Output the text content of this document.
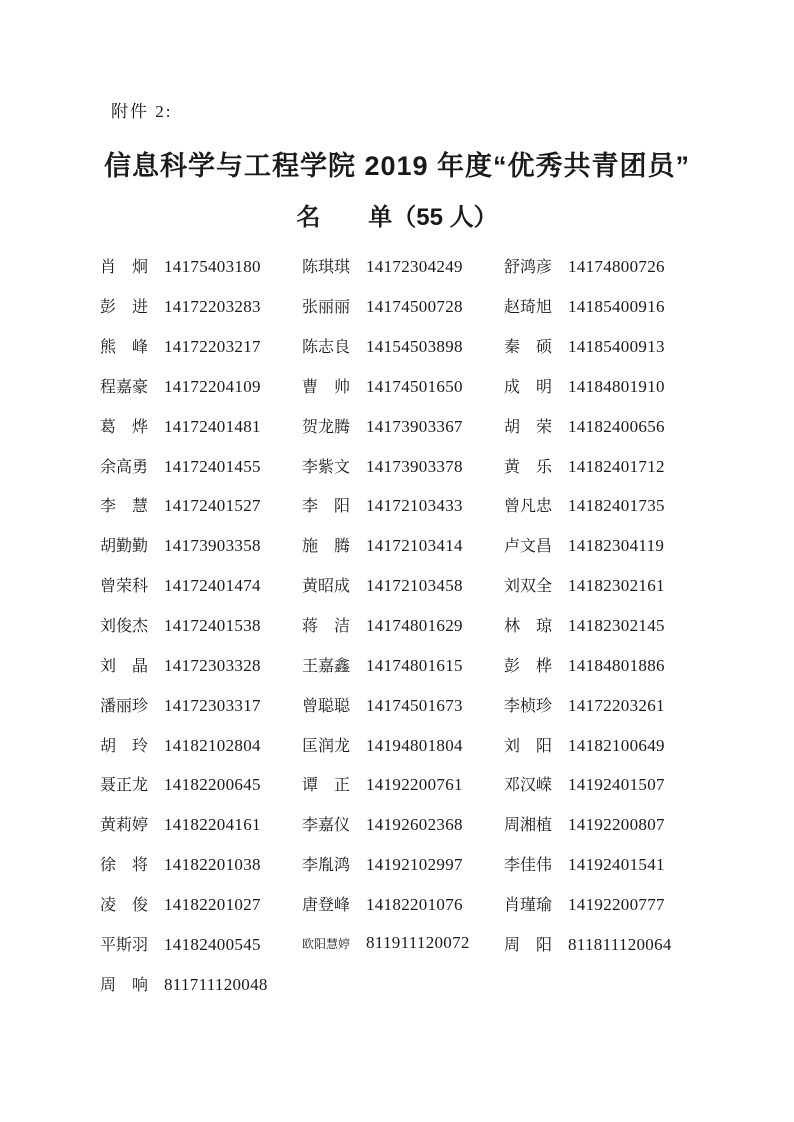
附件 2:
信息科学与工程学院 2019 年度“优秀共青团员”
名　　单（55 人）
肖　炯 14175403180	陈琪琪 14172304249	舒鸿彦 14174800726
彭　进 14172203283	张丽丽 14174500728	赵琦旭 14185400916
熊　峰 14172203217	陈志良 14154503898	秦　硕 14185400913
程嘉豪 14172204109	曹　帅 14174501650	成　明 14184801910
葛　烨 14172401481	贺龙腾 14173903367	胡　荣 14182400656
余高勇 14172401455	李紫文 14173903378	黄　乐 14182401712
李　慧 14172401527	李　阳 14172103433	曾凡忠 14182401735
胡勤勤 14173903358	施　腾 14172103414	卢文昌 14182304119
曾荣科 14172401474	黄昭成 14172103458	刘双全 14182302161
刘俊杰 14172401538	蒋　洁 14174801629	林　琼 14182302145
刘　晶 14172303328	王嘉鑫 14174801615	彭　桦 14184801886
潘丽珍 14172303317	曾聪聪 14174501673	李桢珍 14172203261
胡　玲 14182102804	匡润龙 14194801804	刘　阳 14182100649
聂正龙 14182200645	谭　正 14192200761	邓汉嵘 14192401507
黄莉婷 14182204161	李嘉仪 14192602368	周湘植 14192200807
徐　将 14182201038	李胤鸿 14192102997	李佳伟 14192401541
凌　俊 14182201027	唐登峰 14182201076	肖瑾瑜 14192200777
平斯羽 14182400545	欧阳慧婷 811911120072 周　阳 811811120064
周　响 811711120048
